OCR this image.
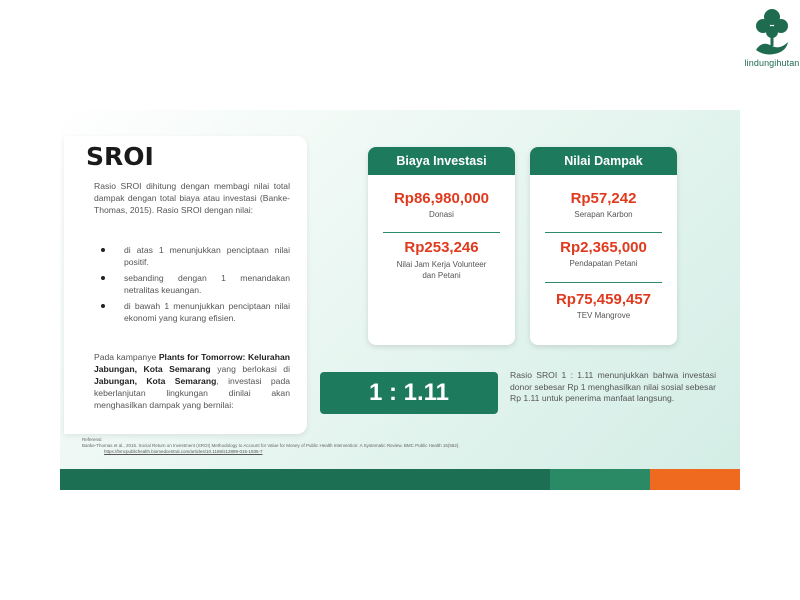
lindungihutan
SROI
Rasio SROI dihitung dengan membagi nilai total dampak dengan total biaya atau investasi (Banke-Thomas, 2015). Rasio SROI dengan nilai:
di atas 1 menunjukkan penciptaan nilai positif.
sebanding dengan 1 menandakan netralitas keuangan.
di bawah 1 menunjukkan penciptaan nilai ekonomi yang kurang efisien.
Pada kampanye Plants for Tomorrow: Kelurahan Jabungan, Kota Semarang yang berlokasi di Jabungan, Kota Semarang, investasi pada keberlanjutan lingkungan dinilai akan menghasilkan dampak yang bernilai:
Biaya Investasi
Rp86,980,000
Donasi
Rp253,246
Nilai Jam Kerja Volunteer dan Petani
Nilai Dampak
Rp57,242
Serapan Karbon
Rp2,365,000
Pendapatan Petani
Rp75,459,457
TEV Mangrove
1 : 1.11
Rasio SROI 1 : 1.11 menunjukkan bahwa investasi donor sebesar Rp 1 menghasilkan nilai sosial sebesar Rp 1.11 untuk penerima manfaat langsung.
Referensi:
Banke-Thomas et al., 2015. Social Return on Investment (SROI) Methodology to Account for Value for Money of Public Health Intervention: A Systematic Review. BMC Public Health 15(582).
https://bmcpublichealth.biomedcentral.com/articles/10.1186/s12889-015-1935-7
